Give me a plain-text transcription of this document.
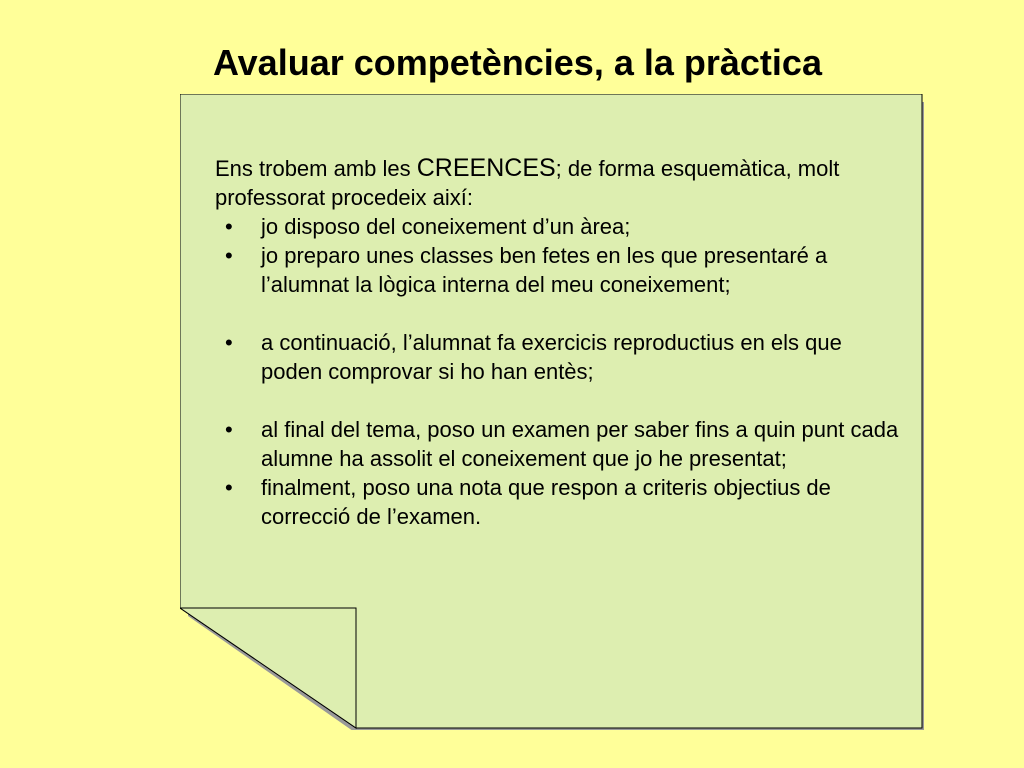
Avaluar competències, a la pràctica

Ens trobem amb les CREENCES; de forma esquemàtica, molt professorat procedeix així:

• jo disposo del coneixement d’un àrea;
• jo preparo unes classes ben fetes en les que presentaré a l’alumnat la lògica interna del meu coneixement;
• a continuació, l’alumnat fa exercicis reproductius en els que poden comprovar si ho han entès;
• al final del tema, poso un examen per saber fins a quin punt cada alumne ha assolit el coneixement que jo he presentat;
• finalment, poso una nota que respon a criteris objectius de correcció de l’examen.
